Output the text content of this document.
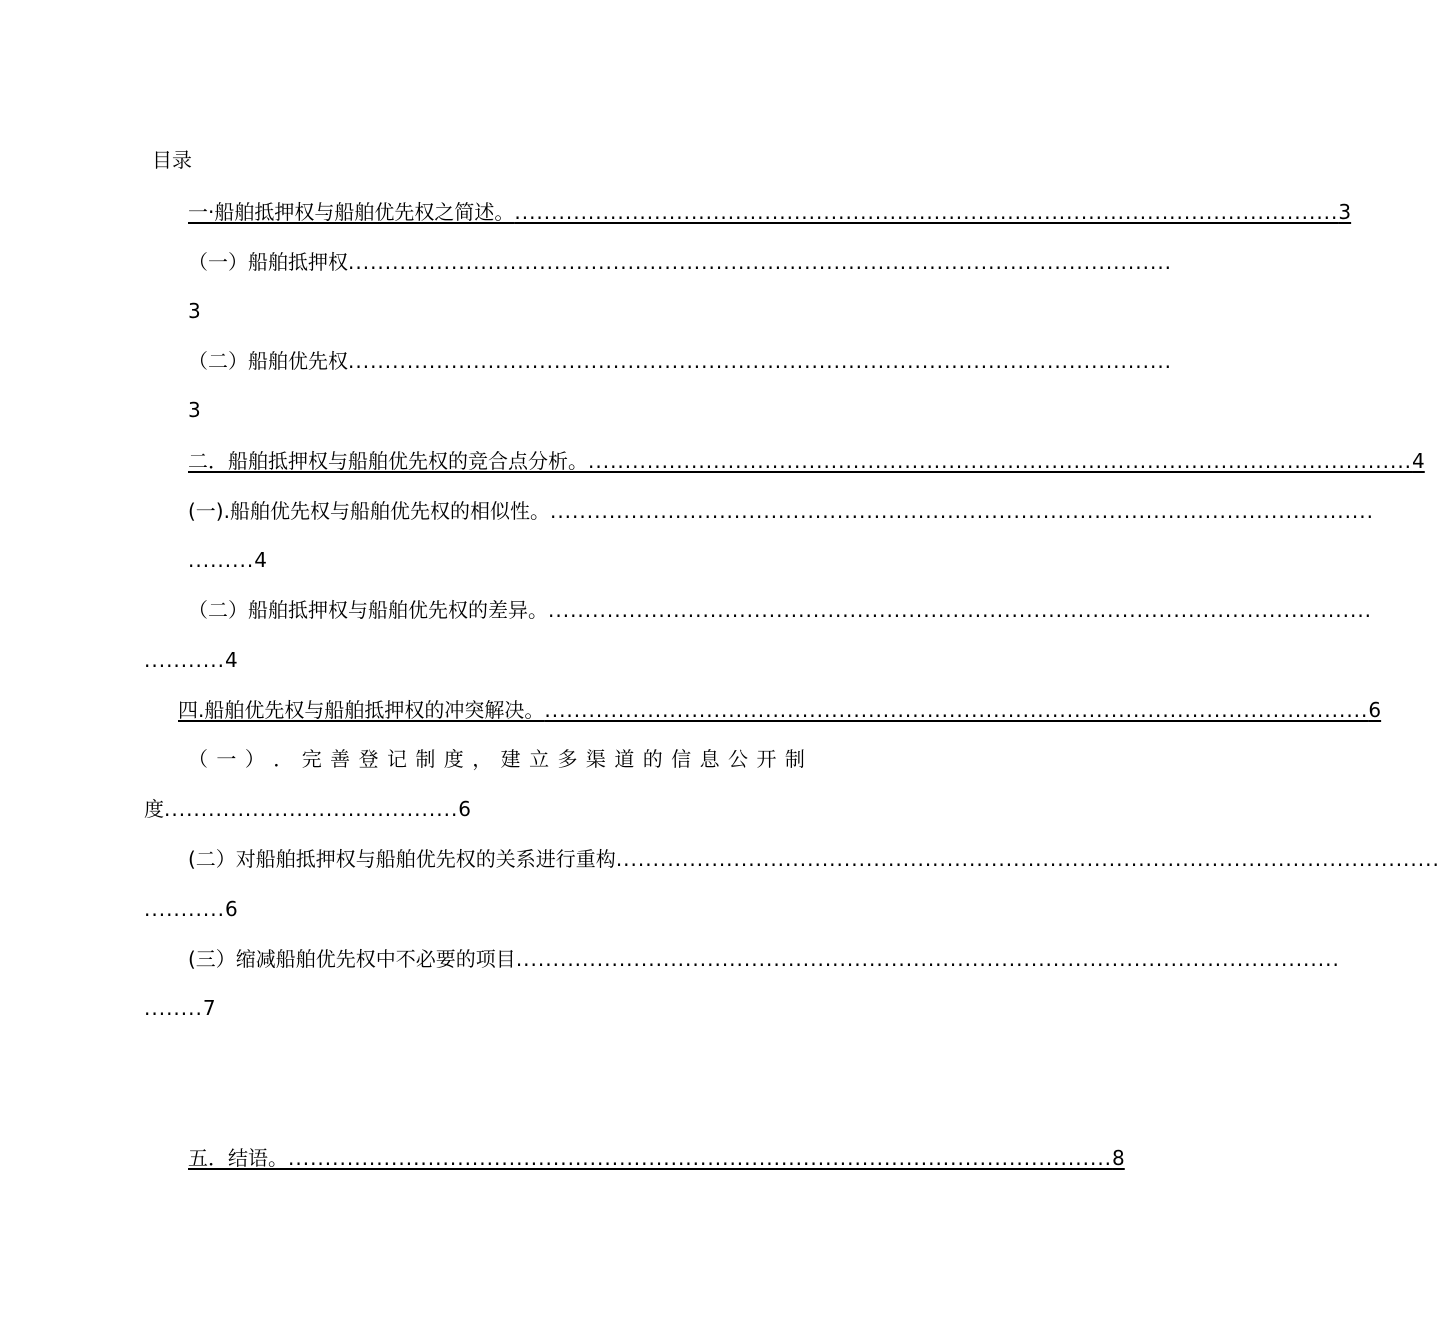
目录
一·船舶抵押权与船舶优先权之简述。 ................................................................................................................ 3
（一）船舶抵押权 ................................................................................................................
3
（二）船舶优先权 ................................................................................................................
3
二．船舶抵押权与船舶优先权的竞合点分析。 ................................................................................................................ 4
(一).船舶优先权与船舶优先权的相似性。 ................................................................................................................
.........4
（二）船舶抵押权与船舶优先权的差异。 ................................................................................................................
...........4
四.船舶优先权与船舶抵押权的冲突解决。 ................................................................................................................ 6
（ 一 ） ． 完 善 登 记 制 度 ， 建 立 多 渠 道 的 信 息 公 开 制
度........................................6
(二）对船舶抵押权与船舶优先权的关系进行重构 ................................................................................................................
...........6
(三）缩减船舶优先权中不必要的项目 ................................................................................................................
........7
五．结语。 ................................................................................................................ 8
